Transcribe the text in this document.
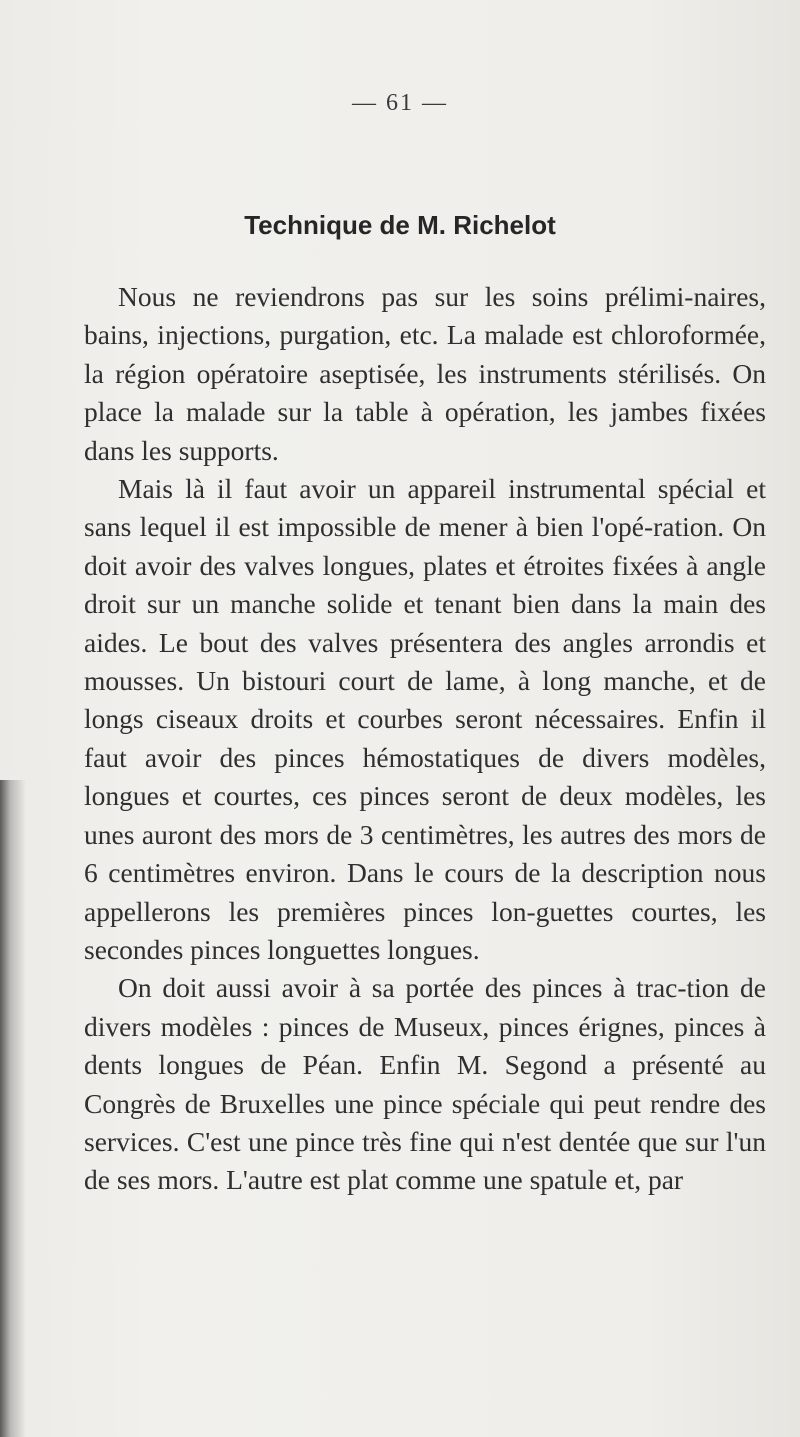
— 61 —
Technique de M. Richelot

Nous ne reviendrons pas sur les soins prélimi-naires, bains, injections, purgation, etc. La malade est chloroformée, la région opératoire aseptisée, les instruments stérilisés. On place la malade sur la table à opération, les jambes fixées dans les supports.

Mais là il faut avoir un appareil instrumental spécial et sans lequel il est impossible de mener à bien l'opé-ration. On doit avoir des valves longues, plates et étroites fixées à angle droit sur un manche solide et tenant bien dans la main des aides. Le bout des valves présentera des angles arrondis et mousses. Un bistouri court de lame, à long manche, et de longs ciseaux droits et courbes seront nécessaires. Enfin il faut avoir des pinces hémostatiques de divers modèles, longues et courtes, ces pinces seront de deux modèles, les unes auront des mors de 3 centimètres, les autres des mors de 6 centimètres environ. Dans le cours de la description nous appellerons les premières pinces lon-guettes courtes, les secondes pinces longuettes longues.

On doit aussi avoir à sa portée des pinces à trac-tion de divers modèles : pinces de Museux, pinces érignes, pinces à dents longues de Péan. Enfin M. Segond a présenté au Congrès de Bruxelles une pince spéciale qui peut rendre des services. C'est une pince très fine qui n'est dentée que sur l'un de ses mors. L'autre est plat comme une spatule et, par
